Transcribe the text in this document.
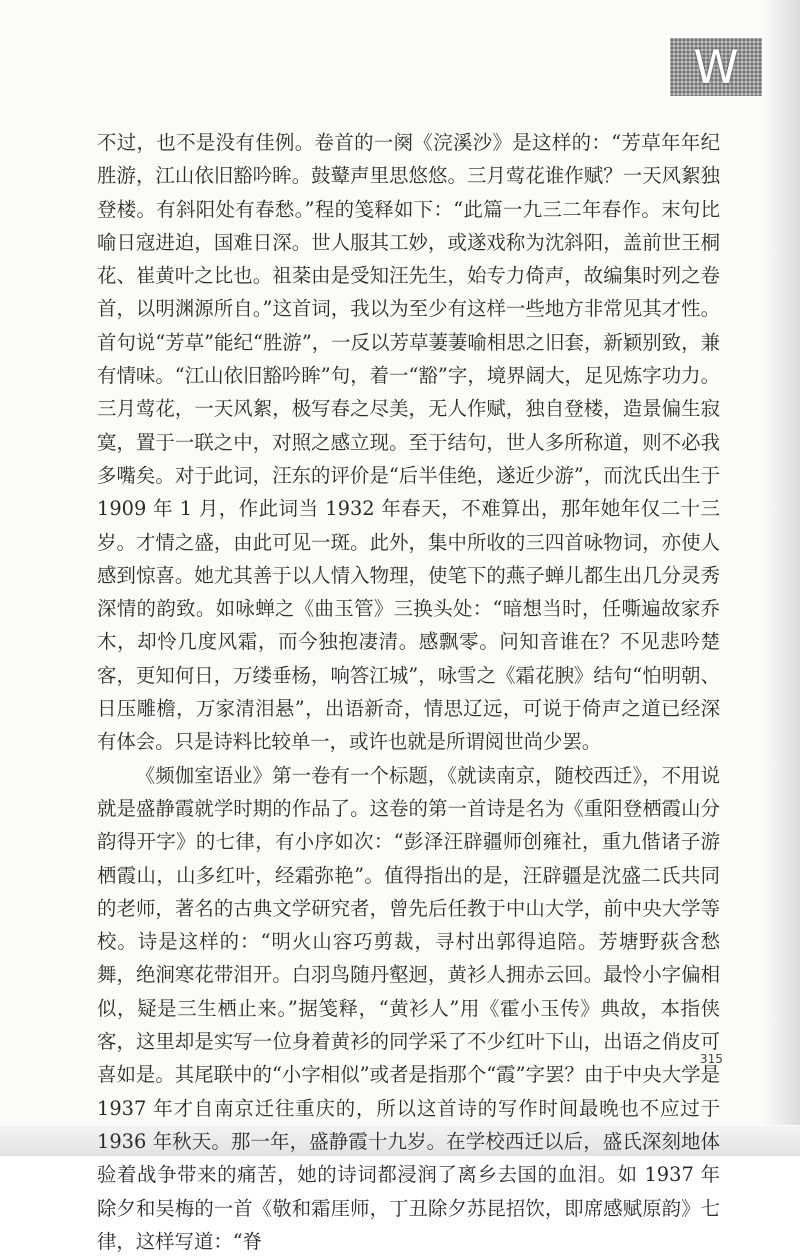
W

不过，也不是没有佳例。卷首的一阕《浣溪沙》是这样的：“芳草年年纪胜游，江山依旧豁吟眸。鼓鼙声里思悠悠。三月莺花谁作赋？一天风絮独登楼。有斜阳处有春愁。”程的笺释如下：“此篇一九三二年春作。末句比喻日寇进迫，国难日深。世人服其工妙，或遂戏称为沈斜阳，盖前世王桐花、崔黄叶之比也。祖棻由是受知汪先生，始专力倚声，故编集时列之卷首，以明渊源所自。”这首词，我以为至少有这样一些地方非常见其才性。首句说“芳草”能纪“胜游”，一反以芳草萋萋喻相思之旧套，新颖别致，兼有情味。“江山依旧豁吟眸”句，着一“豁”字，境界阔大，足见炼字功力。三月莺花，一天风絮，极写春之尽美，无人作赋，独自登楼，造景偏生寂寞，置于一联之中，对照之感立现。至于结句，世人多所称道，则不必我多嘴矣。对于此词，汪东的评价是“后半佳绝，遂近少游”，而沈氏出生于 1909 年 1 月，作此词当 1932 年春天，不难算出，那年她年仅二十三岁。才情之盛，由此可见一斑。此外，集中所收的三四首咏物词，亦使人感到惊喜。她尤其善于以人情入物理，使笔下的燕子蝉儿都生出几分灵秀深情的韵致。如咏蝉之《曲玉管》三换头处：“暗想当时，任嘶遍故家乔木，却怜几度风霜，而今独抱凄清。感飘零。问知音谁在？不见悲吟楚客，更知何日，万缕垂杨，响答江城”，咏雪之《霜花腴》结句“怕明朝、日压雕檐，万家清泪悬”，出语新奇，情思辽远，可说于倚声之道已经深有体会。只是诗料比较单一，或许也就是所谓阅世尚少罢。

《频伽室语业》第一卷有一个标题，《就读南京，随校西迁》，不用说就是盛静霞就学时期的作品了。这卷的第一首诗是名为《重阳登栖霞山分韵得开字》的七律，有小序如次：“彭泽汪辟疆师创雍社，重九偕诸子游栖霞山，山多红叶，经霜弥艳”。值得指出的是，汪辟疆是沈盛二氏共同的老师，著名的古典文学研究者，曾先后任教于中山大学，前中央大学等校。诗是这样的：“明火山容巧剪裁，寻村出郭得追陪。芳塘野荻含愁舞，绝涧寒花带泪开。白羽鸟随丹壑迥，黄衫人拥赤云回。最怜小字偏相似，疑是三生栖止来。”据笺释，“黄衫人”用《霍小玉传》典故，本指侠客，这里却是实写一位身着黄衫的同学采了不少红叶下山，出语之俏皮可喜如是。其尾联中的“小字相似”或者是指那个“霞”字罢？由于中央大学是 1937 年才自南京迁往重庆的，所以这首诗的写作时间最晚也不应过于 1936 年秋天。那一年，盛静霞十九岁。在学校西迁以后，盛氏深刻地体验着战争带来的痛苦，她的诗词都浸润了离乡去国的血泪。如 1937 年除夕和吴梅的一首《敬和霜厓师，丁丑除夕苏昆招饮，即席感赋原韵》七律，这样写道：“脊

315
